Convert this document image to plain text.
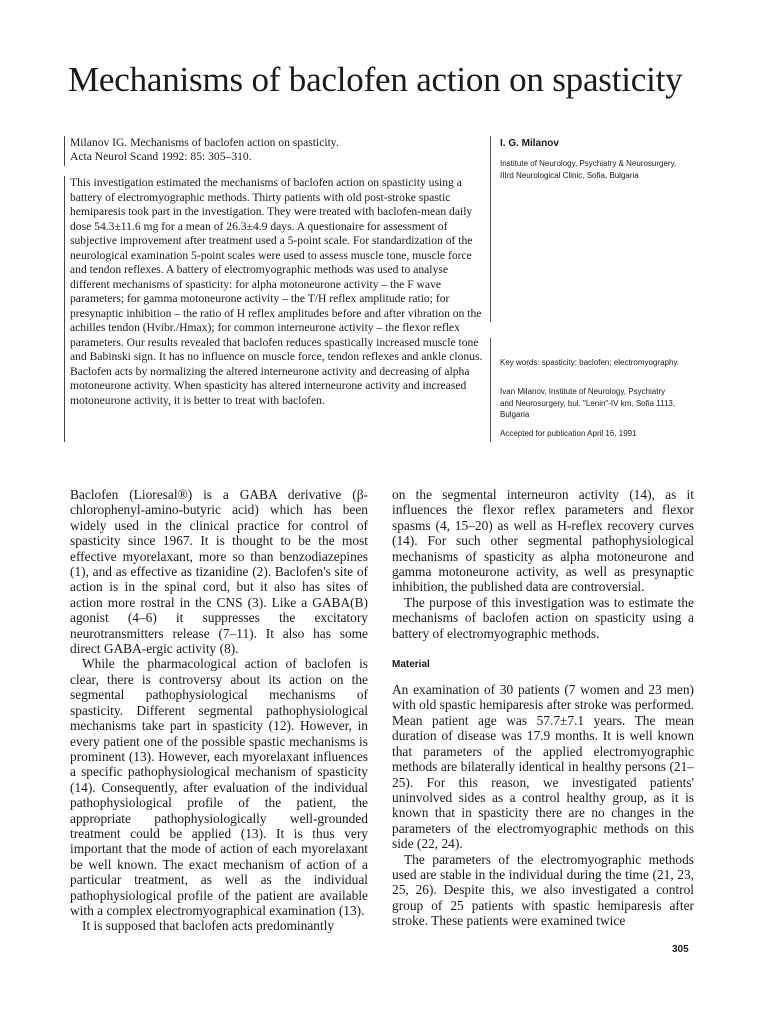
Mechanisms of baclofen action on spasticity
Milanov IG. Mechanisms of baclofen action on spasticity.
Acta Neurol Scand 1992: 85: 305–310.

This investigation estimated the mechanisms of baclofen action on spasticity using a battery of electromyographic methods. Thirty patients with old post-stroke spastic hemiparesis took part in the investigation. They were treated with baclofen-mean daily dose 54.3±11.6 mg for a mean of 26.3±4.9 days. A questionaire for assessment of subjective improvement after treatment used a 5-point scale. For standardization of the neurological examination 5-point scales were used to assess muscle tone, muscle force and tendon reflexes. A battery of electromyographic methods was used to analyse different mechanisms of spasticity: for alpha motoneurone activity – the F wave parameters; for gamma motoneurone activity – the T/H reflex amplitude ratio; for presynaptic inhibition – the ratio of H reflex amplitudes before and after vibration on the achilles tendon (Hvibr./Hmax); for common interneurone activity – the flexor reflex parameters. Our results revealed that baclofen reduces spastically increased muscle tone and Babinski sign. It has no influence on muscle force, tendon reflexes and ankle clonus. Baclofen acts by normalizing the altered interneurone activity and decreasing of alpha motoneurone activity. When spasticity has altered interneurone activity and increased motoneurone activity, it is better to treat with baclofen.

I. G. Milanov

Institute of Neurology, Psychiatry & Neurosurgery, IIIrd Neurological Clinic, Sofia, Bulgaria

Key words: spasticity; baclofen; electromyography.

Ivan Milanov, Institute of Neurology, Psychiatry and Neurosurgery, bul. "Lenin"-IV km, Sofia 1113, Bulgaria

Accepted for publication April 16, 1991

Baclofen (Lioresal®) is a GABA derivative (β-chlorophenyl-amino-butyric acid) which has been widely used in the clinical practice for control of spasticity since 1967. It is thought to be the most effective myorelaxant, more so than benzodiazepines (1), and as effective as tizanidine (2). Baclofen's site of action is in the spinal cord, but it also has sites of action more rostral in the CNS (3). Like a GABA(B) agonist (4–6) it suppresses the excitatory neurotransmitters release (7–11). It also has some direct GABA-ergic activity (8).

While the pharmacological action of baclofen is clear, there is controversy about its action on the segmental pathophysiological mechanisms of spasticity. Different segmental pathophysiological mechanisms take part in spasticity (12). However, in every patient one of the possible spastic mechanisms is prominent (13). However, each myorelaxant influences a specific pathophysiological mechanism of spasticity (14). Consequently, after evaluation of the individual pathophysiological profile of the patient, the appropriate pathophysiologically well-grounded treatment could be applied (13). It is thus very important that the mode of action of each myorelaxant be well known. The exact mechanism of action of a particular treatment, as well as the individual pathophysiological profile of the patient are available with a complex electromyographical examination (13).

It is supposed that baclofen acts predominantly

on the segmental interneuron activity (14), as it influences the flexor reflex parameters and flexor spasms (4, 15–20) as well as H-reflex recovery curves (14). For such other segmental pathophysiological mechanisms of spasticity as alpha motoneurone and gamma motoneurone activity, as well as presynaptic inhibition, the published data are controversial.

The purpose of this investigation was to estimate the mechanisms of baclofen action on spasticity using a battery of electromyographic methods.

Material

An examination of 30 patients (7 women and 23 men) with old spastic hemiparesis after stroke was performed. Mean patient age was 57.7±7.1 years. The mean duration of disease was 17.9 months. It is well known that parameters of the applied electromyographic methods are bilaterally identical in healthy persons (21–25). For this reason, we investigated patients' uninvolved sides as a control healthy group, as it is known that in spasticity there are no changes in the parameters of the electromyographic methods on this side (22, 24).

The parameters of the electromyographic methods used are stable in the individual during the time (21, 23, 25, 26). Despite this, we also investigated a control group of 25 patients with spastic hemiparesis after stroke. These patients were examined twice

305
